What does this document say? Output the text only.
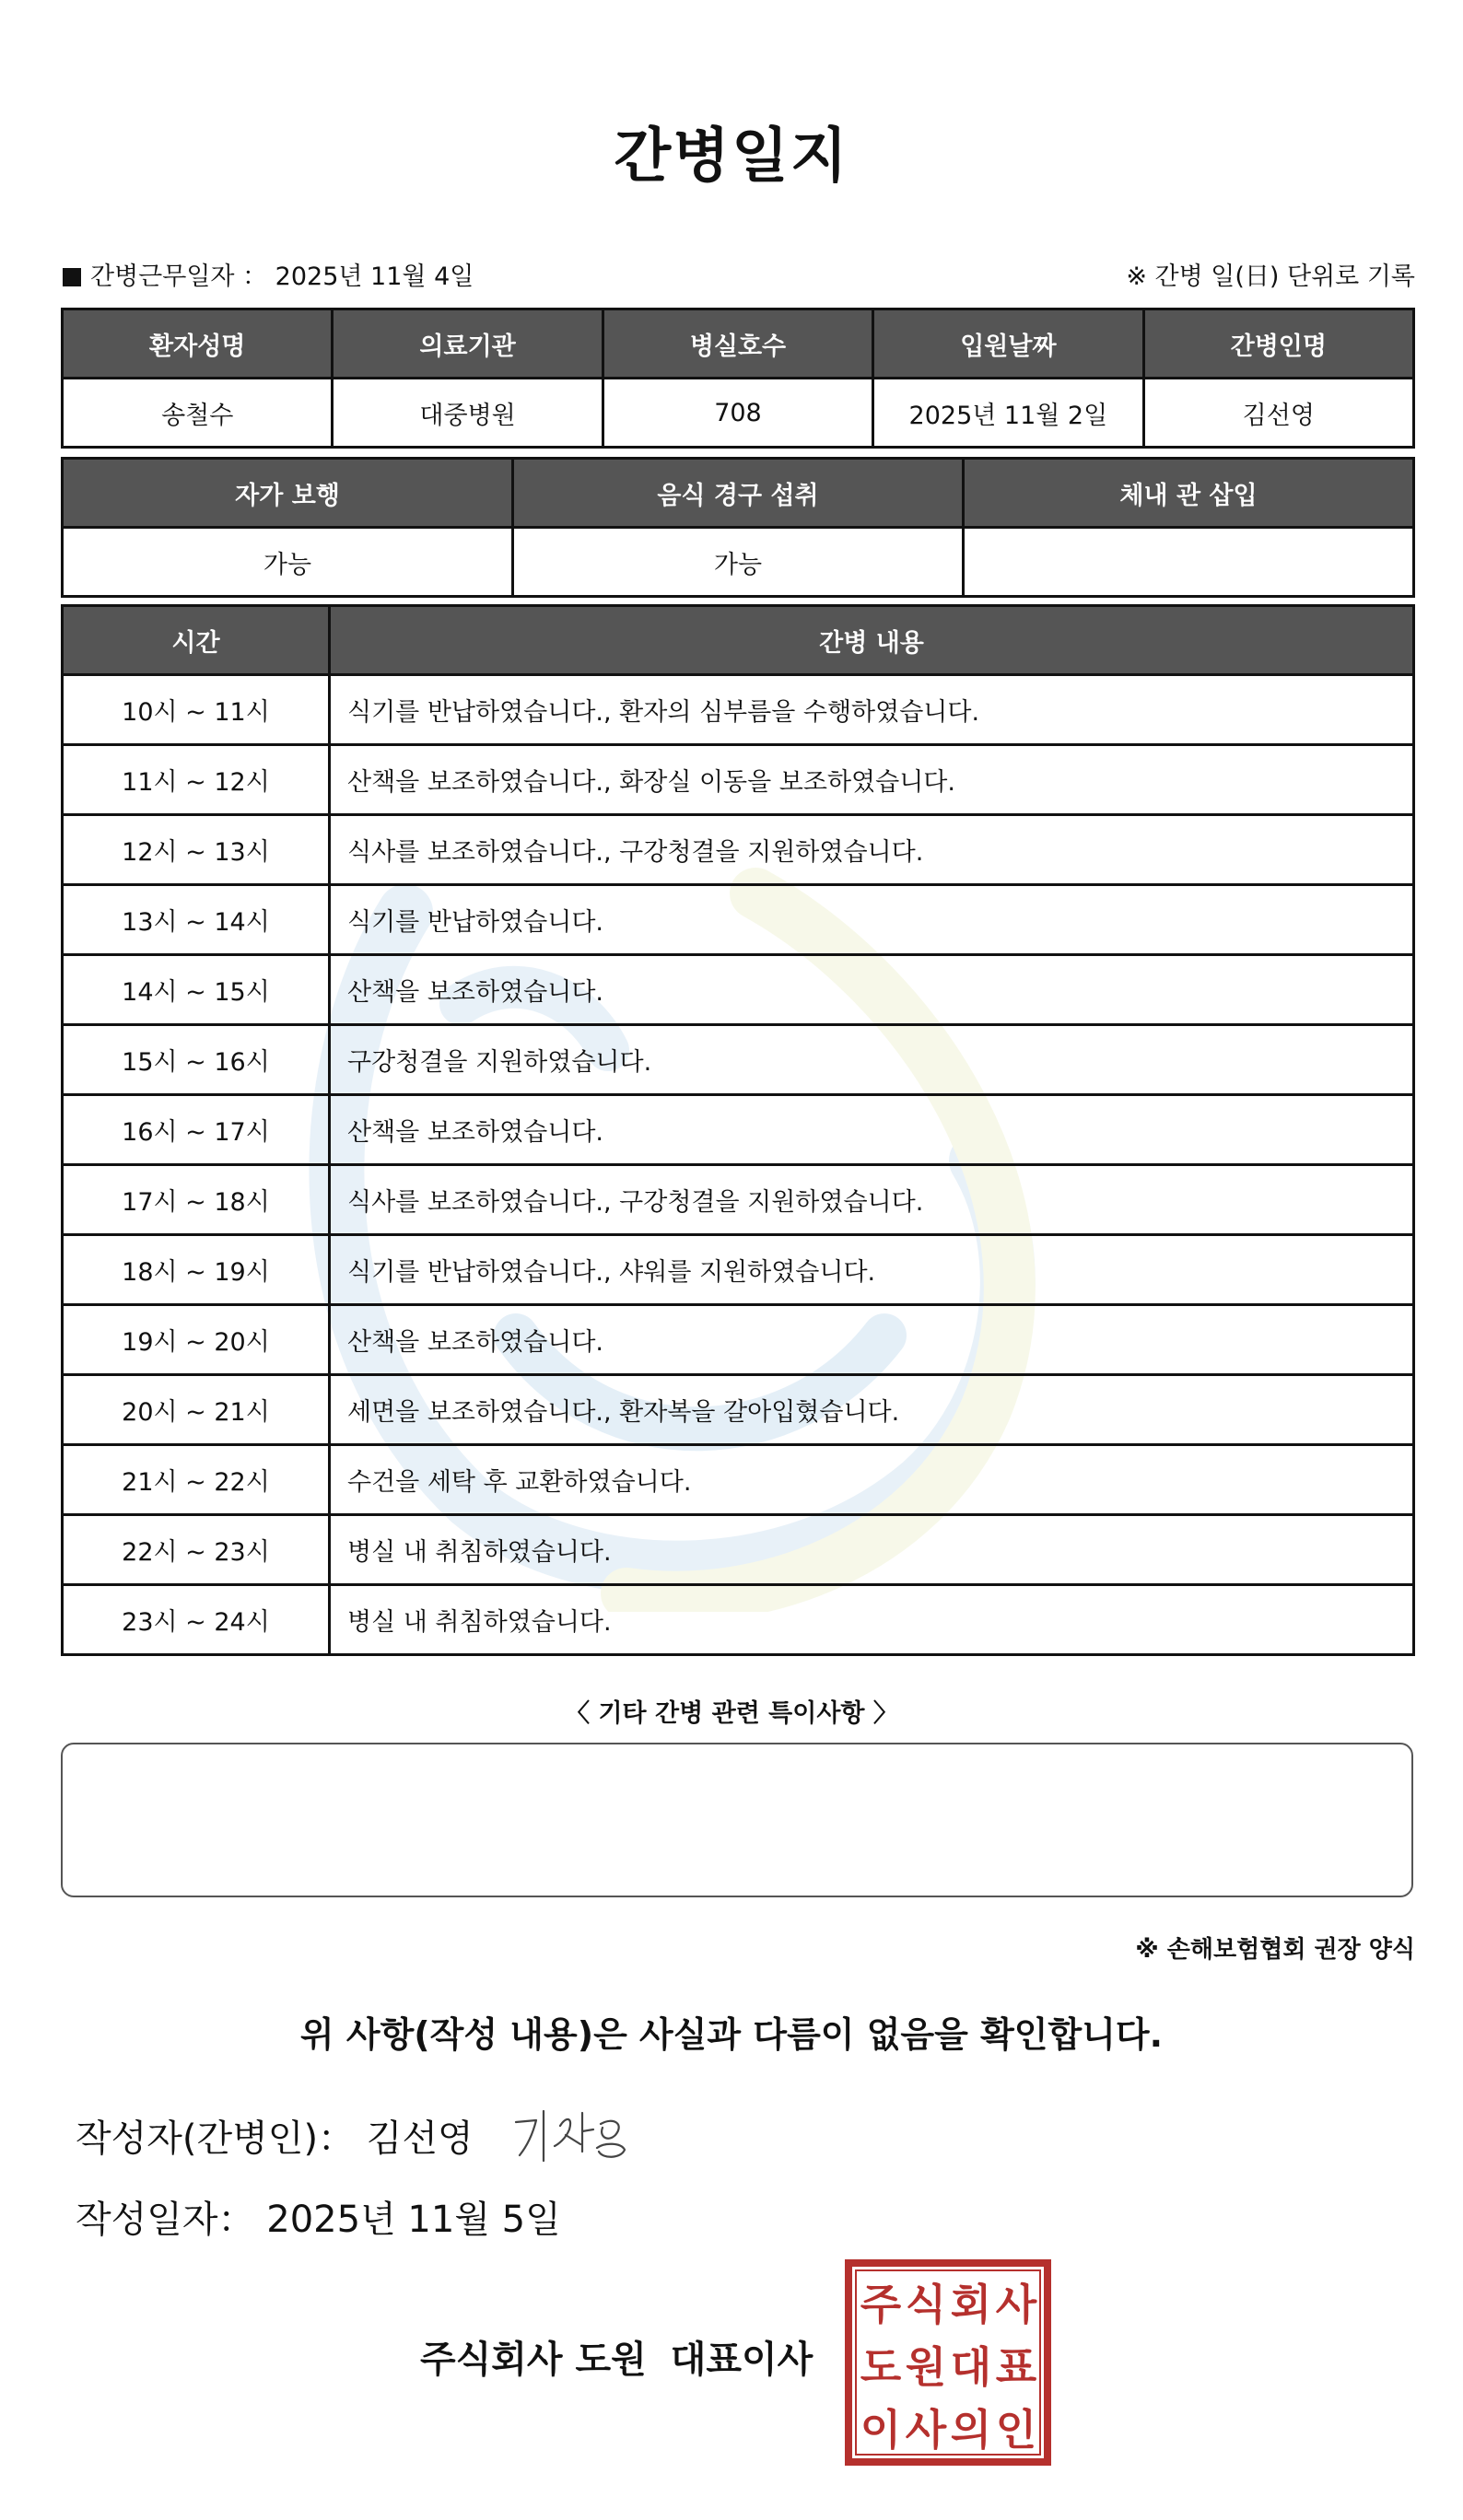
간병일지
간병근무일자 ： 2025년 11월 4일	※ 간병 일(日) 단위로 기록
환자성명	의료기관	병실호수	입원날짜	간병인명
송철수	대중병원	708	2025년 11월 2일	김선영
자가 보행	음식 경구 섭취	체내 관 삽입
가능	가능	
시간	간병 내용
10시 ~ 11시	식기를 반납하였습니다., 환자의 심부름을 수행하였습니다.
11시 ~ 12시	산책을 보조하였습니다., 화장실 이동을 보조하였습니다.
12시 ~ 13시	식사를 보조하였습니다., 구강청결을 지원하였습니다.
13시 ~ 14시	식기를 반납하였습니다.
14시 ~ 15시	산책을 보조하였습니다.
15시 ~ 16시	구강청결을 지원하였습니다.
16시 ~ 17시	산책을 보조하였습니다.
17시 ~ 18시	식사를 보조하였습니다., 구강청결을 지원하였습니다.
18시 ~ 19시	식기를 반납하였습니다., 샤워를 지원하였습니다.
19시 ~ 20시	산책을 보조하였습니다.
20시 ~ 21시	세면을 보조하였습니다., 환자복을 갈아입혔습니다.
21시 ~ 22시	수건을 세탁 후 교환하였습니다.
22시 ~ 23시	병실 내 취침하였습니다.
23시 ~ 24시	병실 내 취침하였습니다.
〈 기타 간병 관련 특이사항 〉
※ 손해보험협회 권장 양식
위 사항(작성 내용)은 사실과 다름이 없음을 확인합니다.
작성자(간병인)： 김선영
작성일자： 2025년 11월 5일
주식회사 도원 대표이사
주 식 회 사
도 원 대 표
이 사 의 인
